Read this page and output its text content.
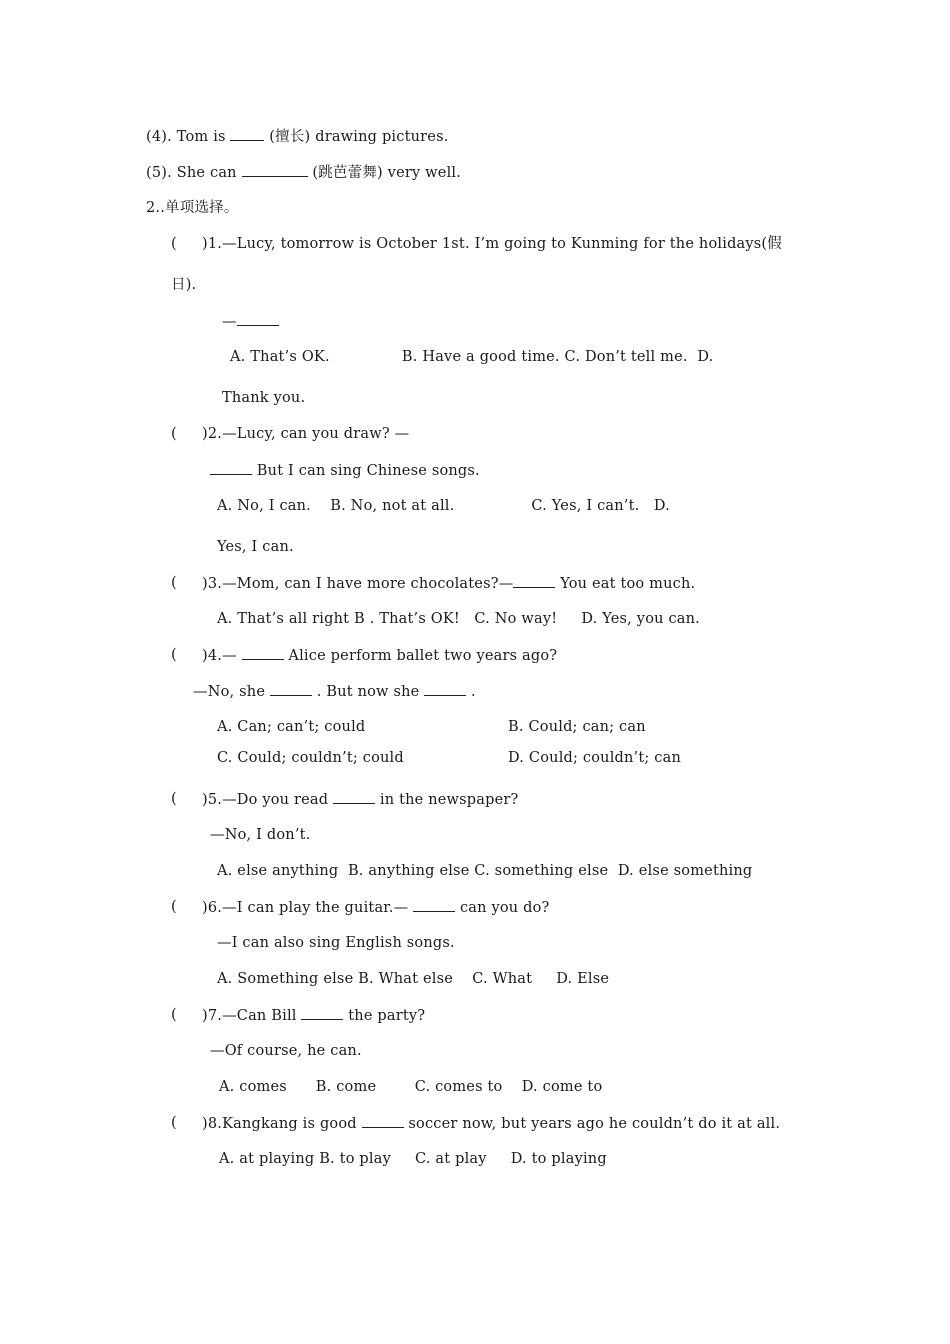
(4). Tom is  (擅长) drawing pictures.
(5). She can	(跳芭蕾舞) very well.
2..单项选择。
( )1.—Lucy, tomorrow is October 1st. I’m going to Kunming for the holidays(假
日).
—
A. That’s OK.               B. Have a good time. C. Don’t tell me.  D.
Thank you.
( )2.—Lucy, can you draw? —
But I can sing Chinese songs.
A. No, I can.    B. No, not at all.                C. Yes, I can’t.   D.
Yes, I can.
( )3.—Mom, can I have more chocolates?—	You eat too much.
A. That’s all right B . That’s OK!   C. No way!     D. Yes, you can.
( )4.—	Alice perform ballet two years ago?
—No, she	. But now she	.
A. Can; can’t; could	B. Could; can; can
C. Could; couldn’t; could	D. Could; couldn’t; can
( )5.—Do you read	in the newspaper?
—No, I don’t.
A. else anything  B. anything else C. something else  D. else something
( )6.—I can play the guitar.—	can you do?
—I can also sing English songs.
A. Something else B. What else    C. What     D. Else
( )7.—Can Bill	the party?
—Of course, he can.
A. comes      B. come        C. comes to    D. come to
( )8.Kangkang is good	soccer now, but years ago he couldn’t do it at all.
A. at playing B. to play     C. at play     D. to playing
